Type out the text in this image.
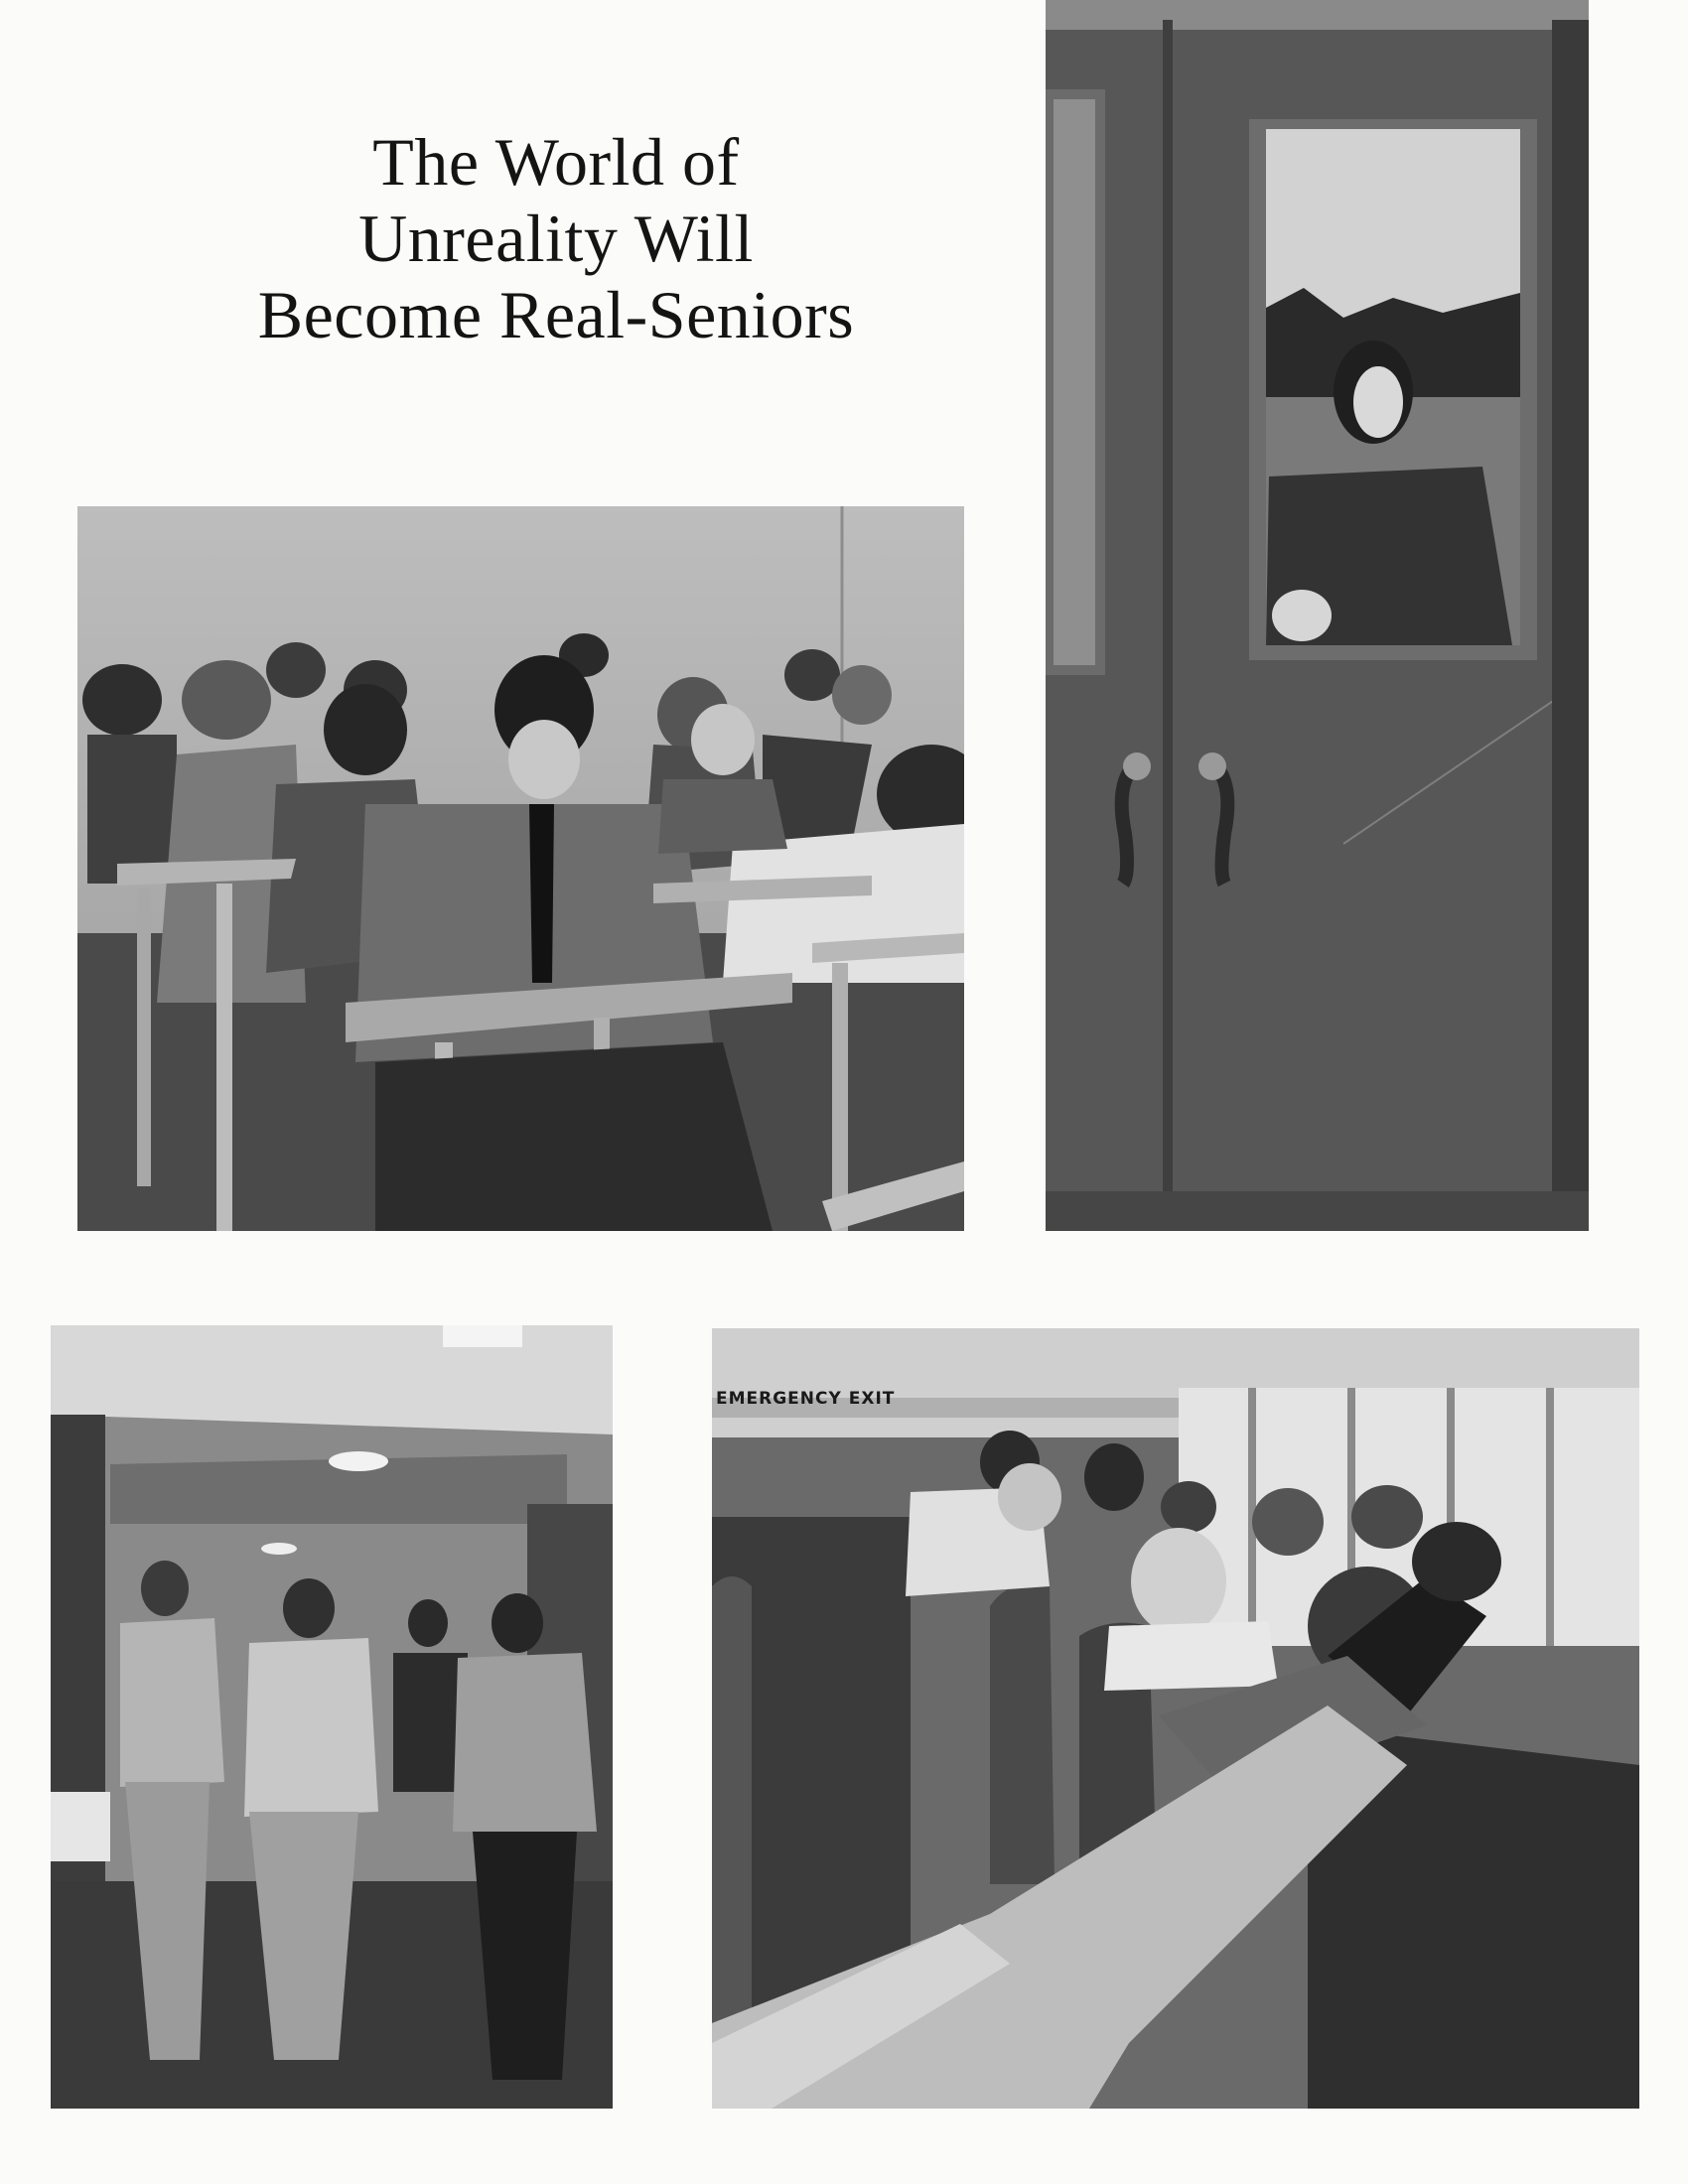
The World of
Unreality Will
Become Real-Seniors
EMERGENCY EXIT
